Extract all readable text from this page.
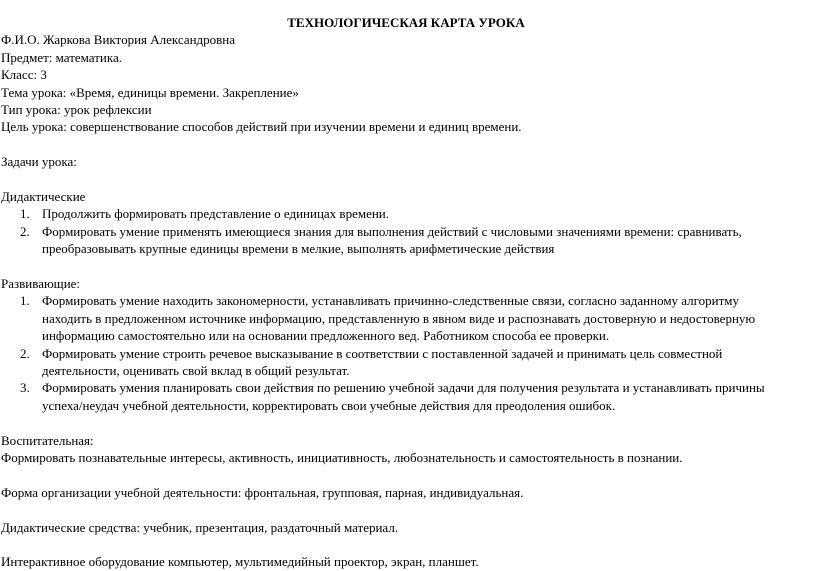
ТЕХНОЛОГИЧЕСКАЯ КАРТА УРОКА

Ф.И.О. Жаркова Виктория Александровна

Предмет: математика.

Класс: 3

Тема урока: «Время, единицы времени. Закрепление»

Тип урока: урок рефлексии

Цель урока: совершенствование способов действий при изучении времени и единиц времени.

Задачи урока:

Дидактические

1. Продолжить формировать представление о единицах времени.
2. Формировать умение применять имеющиеся знания для выполнения действий с числовыми значениями времени: сравнивать,
преобразовывать крупные единицы времени в мелкие, выполнять арифметические действия

Развивающие:

1. Формировать умение находить закономерности, устанавливать причинно-следственные связи, согласно заданному алгоритму
находить в предложенном источнике информацию, представленную в явном виде и распознавать достоверную и недостоверную
информацию самостоятельно или на основании предложенного вед. Работником способа ее проверки.
2. Формировать умение строить речевое высказывание в соответствии с поставленной задачей и принимать цель совместной
деятельности, оценивать свой вклад в общий результат.
3. Формировать умения планировать свои действия по решению учебной задачи для получения результата и устанавливать причины
успеха/неудач учебной деятельности, корректировать свои учебные действия для преодоления ошибок.

Воспитательная:

Формировать познавательные интересы, активность, инициативность, любознательность и самостоятельность в познании.

Форма организации учебной деятельности: фронтальная, групповая, парная, индивидуальная.

Дидактические средства: учебник, презентация, раздаточный материал.

Интерактивное оборудование компьютер, мультимедийный проектор, экран, планшет.
